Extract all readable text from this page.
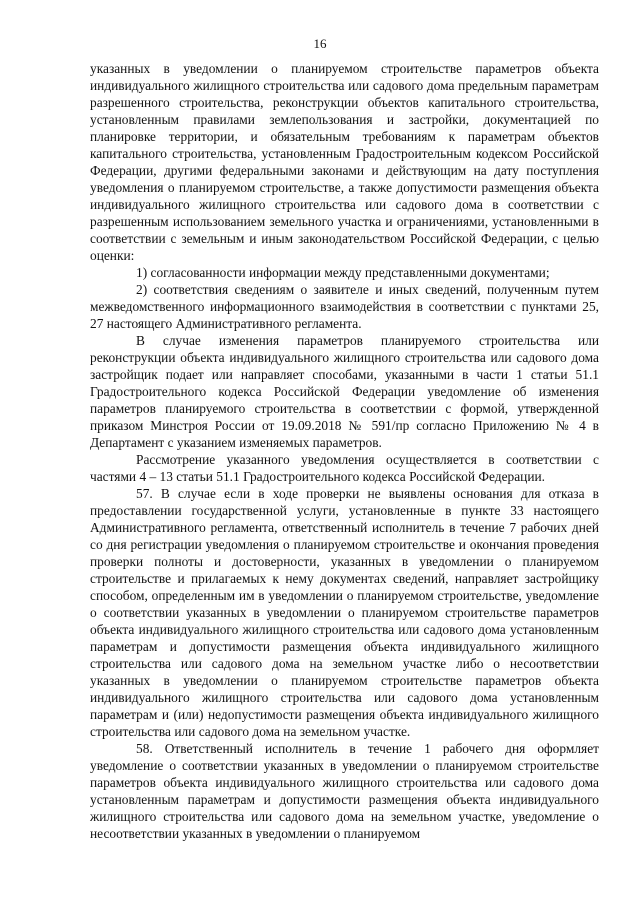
16

указанных в уведомлении о планируемом строительстве параметров объекта индивидуального жилищного строительства или садового дома предельным параметрам разрешенного строительства, реконструкции объектов капитального строительства, установленным правилами землепользования и застройки, документацией по планировке территории, и обязательным требованиям к параметрам объектов капитального строительства, установленным Градостроительным кодексом Российской Федерации, другими федеральными законами и действующим на дату поступления уведомления о планируемом строительстве, а также допустимости размещения объекта индивидуального жилищного строительства или садового дома в соответствии с разрешенным использованием земельного участка и ограничениями, установленными в соответствии с земельным и иным законодательством Российской Федерации, с целью оценки:

1) согласованности информации между представленными документами;

2) соответствия сведениям о заявителе и иных сведений, полученным путем межведомственного информационного взаимодействия в соответствии с пунктами 25, 27 настоящего Административного регламента.

В случае изменения параметров планируемого строительства или реконструкции объекта индивидуального жилищного строительства или садового дома застройщик подает или направляет способами, указанными в части 1 статьи 51.1 Градостроительного кодекса Российской Федерации уведомление об изменения параметров планируемого строительства в соответствии с формой, утвержденной приказом Минстроя России от 19.09.2018 № 591/пр согласно Приложению № 4 в Департамент с указанием изменяемых параметров.

Рассмотрение указанного уведомления осуществляется в соответствии с частями 4 – 13 статьи 51.1 Градостроительного кодекса Российской Федерации.

57. В случае если в ходе проверки не выявлены основания для отказа в предоставлении государственной услуги, установленные в пункте 33 настоящего Административного регламента, ответственный исполнитель в течение 7 рабочих дней со дня регистрации уведомления о планируемом строительстве и окончания проведения проверки полноты и достоверности, указанных в уведомлении о планируемом строительстве и прилагаемых к нему документах сведений, направляет застройщику способом, определенным им в уведомлении о планируемом строительстве, уведомление о соответствии указанных в уведомлении о планируемом строительстве параметров объекта индивидуального жилищного строительства или садового дома установленным параметрам и допустимости размещения объекта индивидуального жилищного строительства или садового дома на земельном участке либо о несоответствии указанных в уведомлении о планируемом строительстве параметров объекта индивидуального жилищного строительства или садового дома установленным параметрам и (или) недопустимости размещения объекта индивидуального жилищного строительства или садового дома на земельном участке.

58. Ответственный исполнитель в течение 1 рабочего дня оформляет уведомление о соответствии указанных в уведомлении о планируемом строительстве параметров объекта индивидуального жилищного строительства или садового дома установленным параметрам и допустимости размещения объекта индивидуального жилищного строительства или садового дома на земельном участке, уведомление о несоответствии указанных в уведомлении о планируемом
